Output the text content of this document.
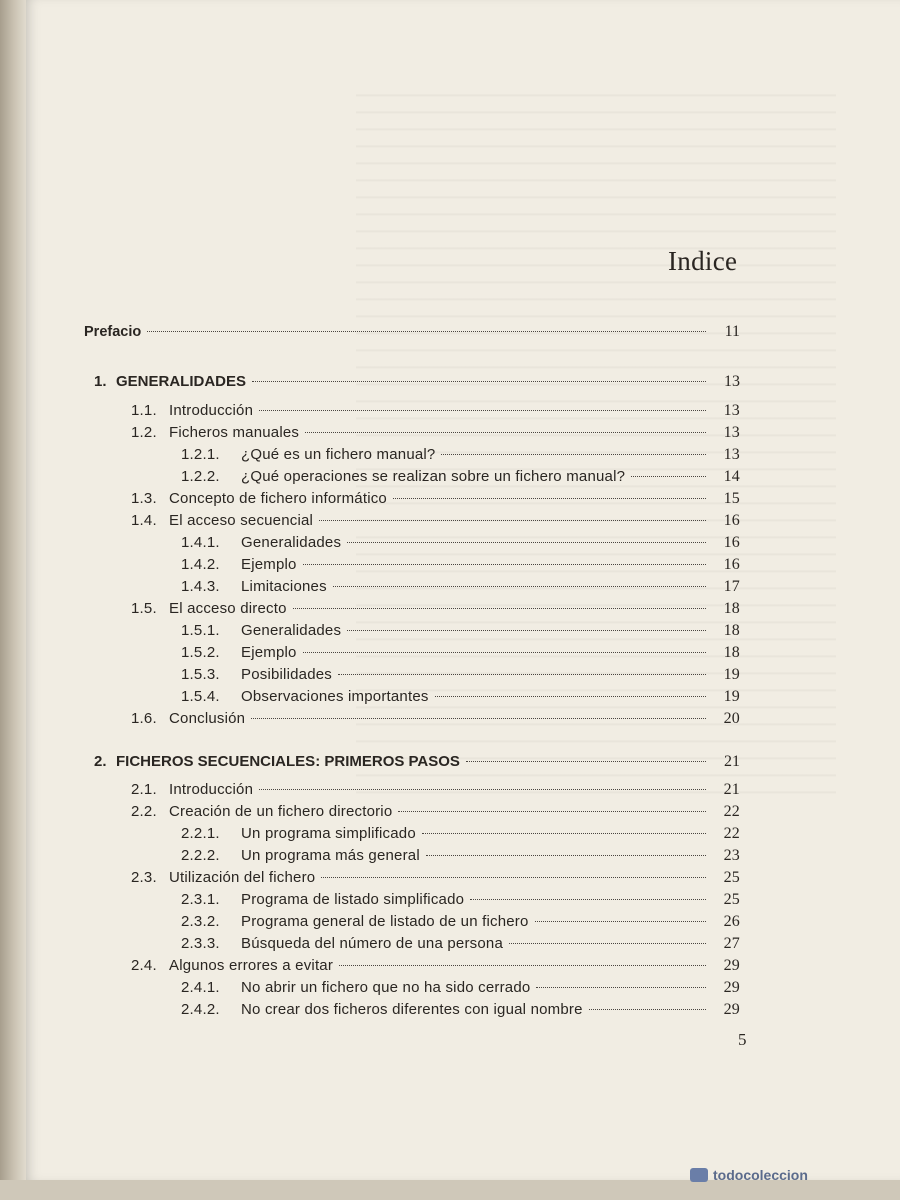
Indice
Prefacio	11
1. GENERALIDADES	13
1.1. Introducción	13
1.2. Ficheros manuales	13
1.2.1.	¿Qué es un fichero manual?	13
1.2.2.	¿Qué operaciones se realizan sobre un fichero manual?	14
1.3. Concepto de fichero informático	15
1.4. El acceso secuencial	16
1.4.1.	Generalidades	16
1.4.2.	Ejemplo	16
1.4.3.	Limitaciones	17
1.5. El acceso directo	18
1.5.1.	Generalidades	18
1.5.2.	Ejemplo	18
1.5.3.	Posibilidades	19
1.5.4.	Observaciones importantes	19
1.6. Conclusión	20
2. FICHEROS SECUENCIALES: PRIMEROS PASOS	21
2.1. Introducción	21
2.2. Creación de un fichero directorio	22
2.2.1.	Un programa simplificado	22
2.2.2.	Un programa más general	23
2.3. Utilización del fichero	25
2.3.1.	Programa de listado simplificado	25
2.3.2.	Programa general de listado de un fichero	26
2.3.3.	Búsqueda del número de una persona	27
2.4. Algunos errores a evitar	29
2.4.1.	No abrir un fichero que no ha sido cerrado	29
2.4.2.	No crear dos ficheros diferentes con igual nombre	29
5
todocoleccion
